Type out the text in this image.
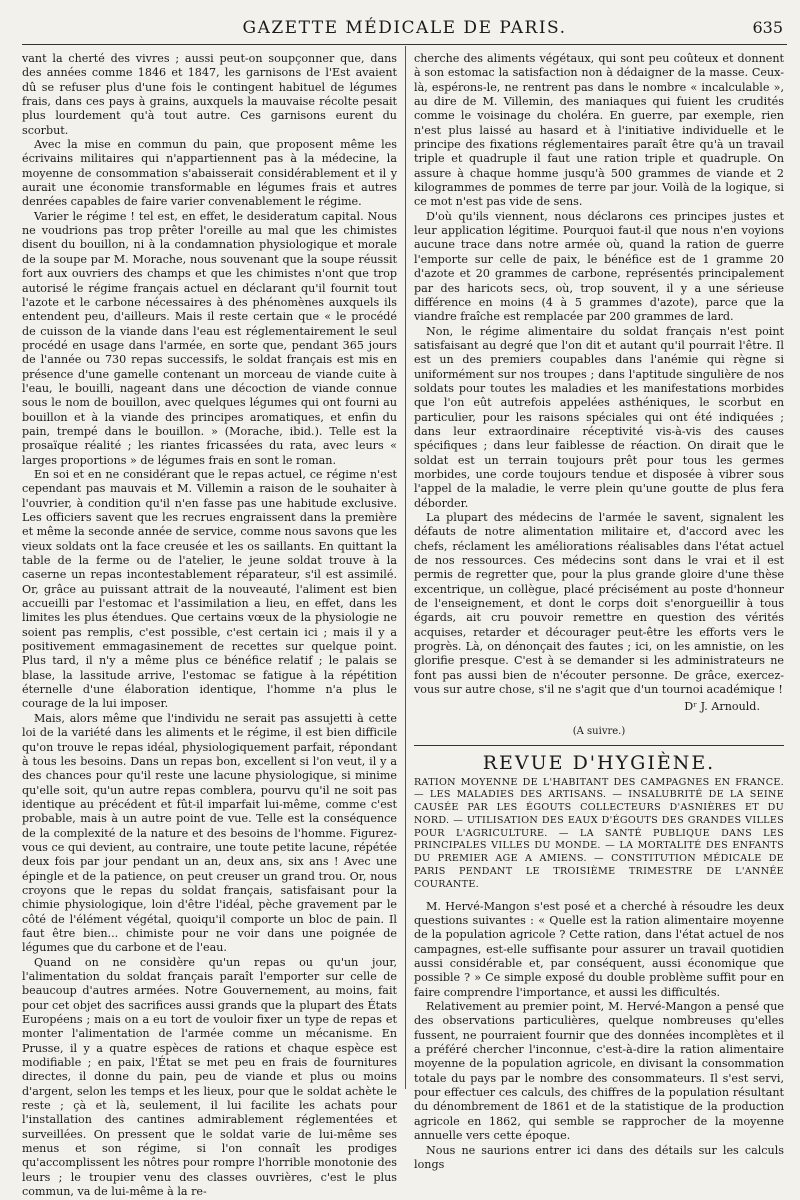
GAZETTE MÉDICALE DE PARIS.	635

vant la cherté des vivres ; aussi peut-on soupçonner que, dans des années comme 1846 et 1847, les garnisons de l'Est avaient dû se refuser plus d'une fois le contingent habituel de légumes frais, dans ces pays à grains, auxquels la mauvaise récolte pesait plus lourdement qu'à tout autre. Ces garnisons eurent du scorbut.

Avec la mise en commun du pain, que proposent même les écrivains militaires qui n'appartiennent pas à la médecine, la moyenne de consommation s'abaisserait considérablement et il y aurait une économie transformable en légumes frais et autres denrées capables de faire varier convenablement le régime.

Varier le régime ! tel est, en effet, le desideratum capital. Nous ne voudrions pas trop prêter l'oreille au mal que les chimistes disent du bouillon, ni à la condamnation physiologique et morale de la soupe par M. Morache, nous souvenant que la soupe réussit fort aux ouvriers des champs et que les chimistes n'ont que trop autorisé le régime français actuel en déclarant qu'il fournit tout l'azote et le carbone nécessaires à des phénomènes auxquels ils entendent peu, d'ailleurs. Mais il reste certain que « le procédé de cuisson de la viande dans l'eau est réglementairement le seul procédé en usage dans l'armée, en sorte que, pendant 365 jours de l'année ou 730 repas successifs, le soldat français est mis en présence d'une gamelle contenant un morceau de viande cuite à l'eau, le bouilli, nageant dans une décoction de viande connue sous le nom de bouillon, avec quelques légumes qui ont fourni au bouillon et à la viande des principes aromatiques, et enfin du pain, trempé dans le bouillon. » (Morache, ibid.). Telle est la prosaïque réalité ; les riantes fricassées du rata, avec leurs « larges proportions » de légumes frais en sont le roman.

En soi et en ne considérant que le repas actuel, ce régime n'est cependant pas mauvais et M. Villemin a raison de le souhaiter à l'ouvrier, à condition qu'il n'en fasse pas une habitude exclusive. Les officiers savent que les recrues engraissent dans la première et même la seconde année de service, comme nous savons que les vieux soldats ont la face creusée et les os saillants. En quittant la table de la ferme ou de l'atelier, le jeune soldat trouve à la caserne un repas incontestablement réparateur, s'il est assimilé. Or, grâce au puissant attrait de la nouveauté, l'aliment est bien accueilli par l'estomac et l'assimilation a lieu, en effet, dans les limites les plus étendues. Que certains vœux de la physiologie ne soient pas remplis, c'est possible, c'est certain ici ; mais il y a positivement emmagasinement de recettes sur quelque point. Plus tard, il n'y a même plus ce bénéfice relatif ; le palais se blase, la lassitude arrive, l'estomac se fatigue à la répétition éternelle d'une élaboration identique, l'homme n'a plus le courage de la lui imposer.

Mais, alors même que l'individu ne serait pas assujetti à cette loi de la variété dans les aliments et le régime, il est bien difficile qu'on trouve le repas idéal, physiologiquement parfait, répondant à tous les besoins. Dans un repas bon, excellent si l'on veut, il y a des chances pour qu'il reste une lacune physiologique, si minime qu'elle soit, qu'un autre repas comblera, pourvu qu'il ne soit pas identique au précédent et fût-il imparfait lui-même, comme c'est probable, mais à un autre point de vue. Telle est la conséquence de la complexité de la nature et des besoins de l'homme. Figurez-vous ce qui devient, au contraire, une toute petite lacune, répétée deux fois par jour pendant un an, deux ans, six ans ! Avec une épingle et de la patience, on peut creuser un grand trou. Or, nous croyons que le repas du soldat français, satisfaisant pour la chimie physiologique, loin d'être l'idéal, pèche gravement par le côté de l'élément végétal, quoiqu'il comporte un bloc de pain. Il faut être bien... chimiste pour ne voir dans une poignée de légumes que du carbone et de l'eau.

Quand on ne considère qu'un repas ou qu'un jour, l'alimentation du soldat français paraît l'emporter sur celle de beaucoup d'autres armées. Notre Gouvernement, au moins, fait pour cet objet des sacrifices aussi grands que la plupart des États Européens ; mais on a eu tort de vouloir fixer un type de repas et monter l'alimentation de l'armée comme un mécanisme. En Prusse, il y a quatre espèces de rations et chaque espèce est modifiable ; en paix, l'État se met peu en frais de fournitures directes, il donne du pain, peu de viande et plus ou moins d'argent, selon les temps et les lieux, pour que le soldat achète le reste ; çà et là, seulement, il lui facilite les achats pour l'installation des cantines admirablement réglementées et surveillées. On pressent que le soldat varie de lui-même ses menus et son régime, si l'on connaît les prodiges qu'accomplissent les nôtres pour rompre l'horrible monotonie des leurs ; le troupier venu des classes ouvrières, c'est le plus commun, va de lui-même à la re-

cherche des aliments végétaux, qui sont peu coûteux et donnent à son estomac la satisfaction non à dédaigner de la masse. Ceux-là, espérons-le, ne rentrent pas dans le nombre « incalculable », au dire de M. Villemin, des maniaques qui fuient les crudités comme le voisinage du choléra. En guerre, par exemple, rien n'est plus laissé au hasard et à l'initiative individuelle et le principe des fixations réglementaires paraît être qu'à un travail triple et quadruple il faut une ration triple et quadruple. On assure à chaque homme jusqu'à 500 grammes de viande et 2 kilogrammes de pommes de terre par jour. Voilà de la logique, si ce mot n'est pas vide de sens.

D'où qu'ils viennent, nous déclarons ces principes justes et leur application légitime. Pourquoi faut-il que nous n'en voyions aucune trace dans notre armée où, quand la ration de guerre l'emporte sur celle de paix, le bénéfice est de 1 gramme 20 d'azote et 20 grammes de carbone, représentés principalement par des haricots secs, où, trop souvent, il y a une sérieuse différence en moins (4 à 5 grammes d'azote), parce que la viandre fraîche est remplacée par 200 grammes de lard.

Non, le régime alimentaire du soldat français n'est point satisfaisant au degré que l'on dit et autant qu'il pourrait l'être. Il est un des premiers coupables dans l'anémie qui règne si uniformément sur nos troupes ; dans l'aptitude singulière de nos soldats pour toutes les maladies et les manifestations morbides que l'on eût autrefois appelées asthéniques, le scorbut en particulier, pour les raisons spéciales qui ont été indiquées ; dans leur extraordinaire réceptivité vis-à-vis des causes spécifiques ; dans leur faiblesse de réaction. On dirait que le soldat est un terrain toujours prêt pour tous les germes morbides, une corde toujours tendue et disposée à vibrer sous l'appel de la maladie, le verre plein qu'une goutte de plus fera déborder.

La plupart des médecins de l'armée le savent, signalent les défauts de notre alimentation militaire et, d'accord avec les chefs, réclament les améliorations réalisables dans l'état actuel de nos ressources. Ces médecins sont dans le vrai et il est permis de regretter que, pour la plus grande gloire d'une thèse excentrique, un collègue, placé précisément au poste d'honneur de l'enseignement, et dont le corps doit s'enorgueillir à tous égards, ait cru pouvoir remettre en question des vérités acquises, retarder et décourager peut-être les efforts vers le progrès. Là, on dénonçait des fautes ; ici, on les amnistie, on les glorifie presque. C'est à se demander si les administrateurs ne font pas aussi bien de n'écouter personne. De grâce, exercez-vous sur autre chose, s'il ne s'agit que d'un tournoi académique !

Dʳ J. Arnould.
(A suivre.)
REVUE D'HYGIÈNE.
RATION MOYENNE DE L'HABITANT DES CAMPAGNES EN FRANCE. — LES MALADIES DES ARTISANS. — INSALUBRITÉ DE LA SEINE CAUSÉE PAR LES ÉGOUTS COLLECTEURS D'ASNIÈRES ET DU NORD. — UTILISATION DES EAUX D'ÉGOUTS DES GRANDES VILLES POUR L'AGRICULTURE. — LA SANTÉ PUBLIQUE DANS LES PRINCIPALES VILLES DU MONDE. — LA MORTALITÉ DES ENFANTS DU PREMIER AGE A AMIENS. — CONSTITUTION MÉDICALE DE PARIS PENDANT LE TROISIÈME TRIMESTRE DE L'ANNÉE COURANTE.

M. Hervé-Mangon s'est posé et a cherché à résoudre les deux questions suivantes : « Quelle est la ration alimentaire moyenne de la population agricole ? Cette ration, dans l'état actuel de nos campagnes, est-elle suffisante pour assurer un travail quotidien aussi considérable et, par conséquent, aussi économique que possible ? » Ce simple exposé du double problème suffit pour en faire comprendre l'importance, et aussi les difficultés.

Relativement au premier point, M. Hervé-Mangon a pensé que des observations particulières, quelque nombreuses qu'elles fussent, ne pourraient fournir que des données incomplètes et il a préféré chercher l'inconnue, c'est-à-dire la ration alimentaire moyenne de la population agricole, en divisant la consommation totale du pays par le nombre des consommateurs. Il s'est servi, pour effectuer ces calculs, des chiffres de la population résultant du dénombrement de 1861 et de la statistique de la production agricole en 1862, qui semble se rapprocher de la moyenne annuelle vers cette époque.

Nous ne saurions entrer ici dans des détails sur les calculs longs
